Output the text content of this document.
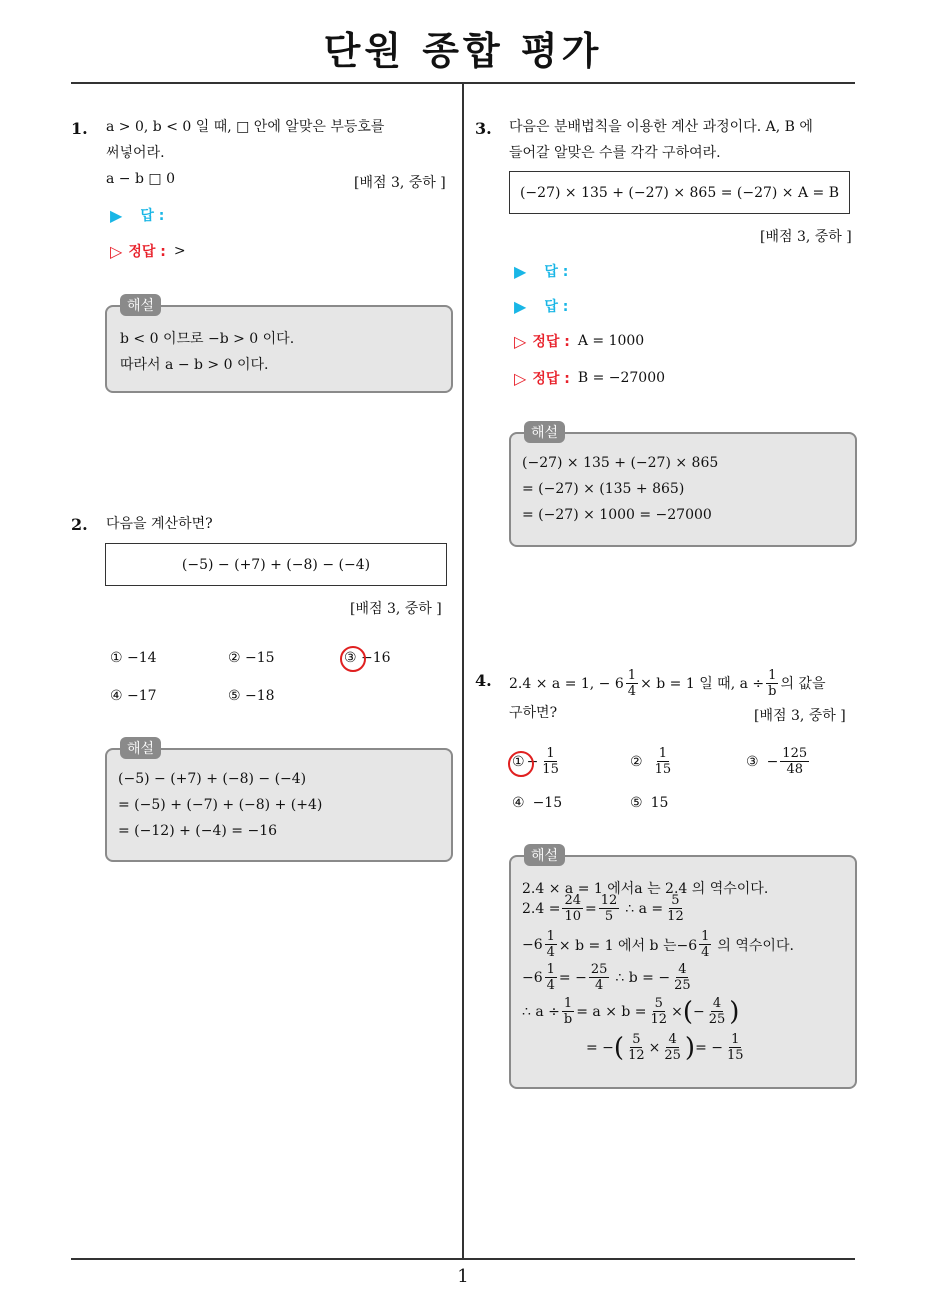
단원 종합 평가
1. a > 0, b < 0 일 때, □ 안에 알맞은 부등호를
써넣어라.
a − b □ 0	[배점 3, 중하 ]
▶ 답 :
▷ 정답 : >
해설
b < 0 이므로 −b > 0 이다.
따라서 a − b > 0 이다.
2. 다음을 계산하면?
(−5) − (+7) + (−8) − (−4)
[배점 3, 중하 ]
① −14	② −15	③ −16
④ −17	⑤ −18
해설
(−5) − (+7) + (−8) − (−4)
= (−5) + (−7) + (−8) + (+4)
= (−12) + (−4) = −16
3. 다음은 분배법칙을 이용한 계산 과정이다. A, B 에
들어갈 알맞은 수를 각각 구하여라.
(−27) × 135 + (−27) × 865 = (−27) × A = B
[배점 3, 중하 ]
▶ 답 :
▶ 답 :
▷ 정답 : A = 1000
▷ 정답 : B = −27000
해설
(−27) × 135 + (−27) × 865
= (−27) × (135 + 865)
= (−27) × 1000 = −27000
4. 2.4 × a = 1, − $6 \frac{1}{4} \times b = 1$ 일 때, $a \div \frac{1}{b}$ 의 값을
구하면?	[배점 3, 중하 ]
① − $\frac{1}{15}$	② $\frac{1}{15}$	③ − $\frac{125}{48}$
④ −15	⑤ 15
해설
2.4 × a = 1 에서a 는 2.4 의 역수이다.
$2.4 = \frac{24}{10} = \frac{12}{5}$ ∴ $a = \frac{5}{12}$
$-6 \frac{1}{4} \times b = 1$ 에서 b 는$-6 \frac{1}{4}$ 의 역수이다.
$-6 \frac{1}{4}$ = − $\frac{25}{4}$ ∴ b = − $\frac{4}{25}$
∴ $a \div \frac{1}{b} = a \times b = \frac{5}{12}$ × ( − $\frac{4}{25}$ )
= − ( $\frac{5}{12} \times \frac{4}{25}$ ) = − $\frac{1}{15}$
1
